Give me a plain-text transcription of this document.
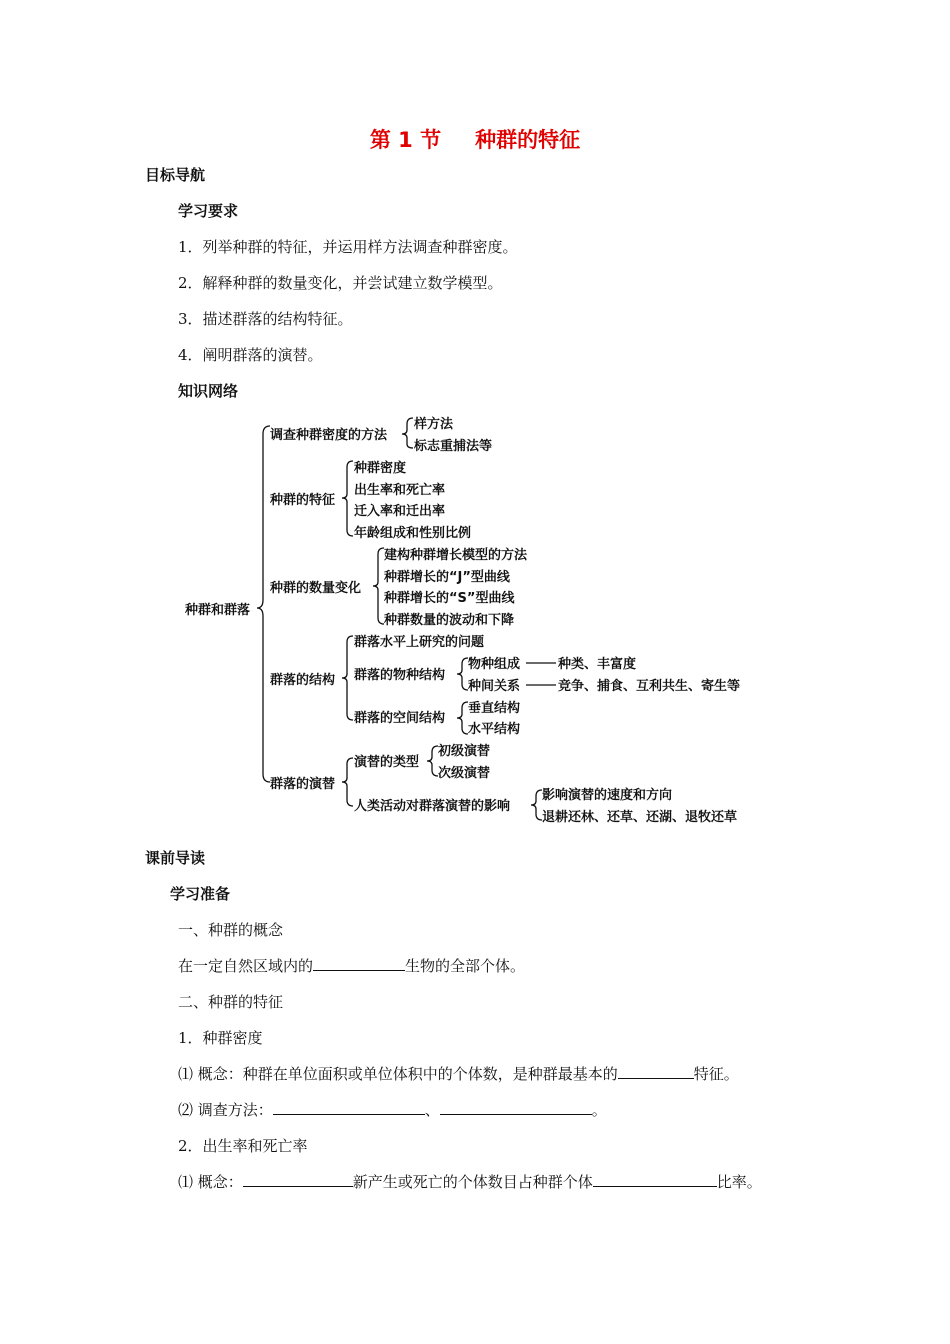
第 1 节 种群的特征
目标导航
学习要求
1．列举种群的特征，并运用样方法调查种群密度。
2．解释种群的数量变化，并尝试建立数学模型。
3．描述群落的结构特征。
4．阐明群落的演替。
知识网络
种群和群落
调查种群密度的方法
样方法
标志重捕法等
种群的特征
种群密度
出生率和死亡率
迁入率和迁出率
年龄组成和性别比例
种群的数量变化
建构种群增长模型的方法
种群增长的“J”型曲线
种群增长的“S”型曲线
种群数量的波动和下降
群落的结构
群落水平上研究的问题
群落的物种结构
物种组成	种类、丰富度
种间关系	竞争、捕食、互利共生、寄生等
群落的空间结构
垂直结构
水平结构
群落的演替
演替的类型
初级演替
次级演替
人类活动对群落演替的影响
影响演替的速度和方向
退耕还林、还草、还湖、退牧还草
课前导读
学习准备
一、种群的概念
在一定自然区域内的	生物的全部个体。
二、种群的特征
1．种群密度
⑴ 概念：种群在单位面积或单位体积中的个体数，是种群最基本的	特征。
⑵ 调查方法：	、	。
2．出生率和死亡率
⑴ 概念：	新产生或死亡的个体数目占种群个体	比率。
